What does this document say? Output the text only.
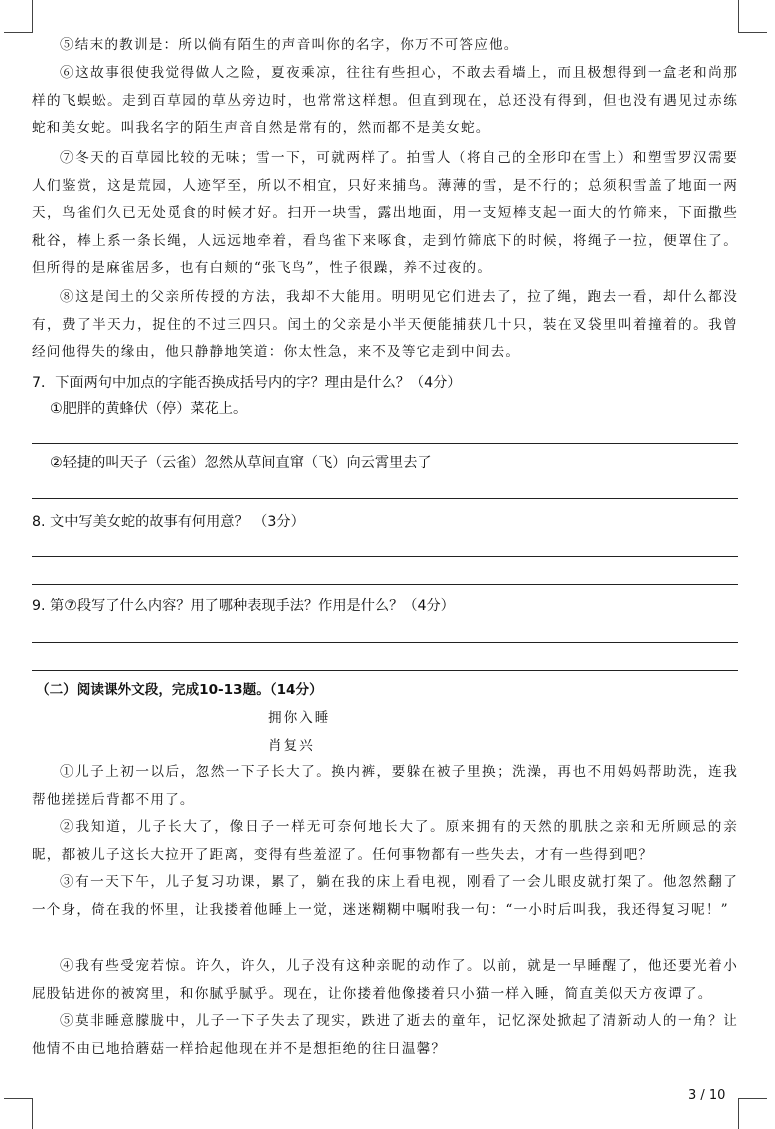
⑤结末的教训是：所以倘有陌生的声音叫你的名字，你万不可答应他。

⑥这故事很使我觉得做人之险，夏夜乘凉，往往有些担心，不敢去看墙上，而且极想得到一盒老和尚那样的飞蜈蚣。走到百草园的草丛旁边时，也常常这样想。但直到现在，总还没有得到，但也没有遇见过赤练蛇和美女蛇。叫我名字的陌生声音自然是常有的，然而都不是美女蛇。

⑦冬天的百草园比较的无味；雪一下，可就两样了。拍雪人（将自己的全形印在雪上）和塑雪罗汉需要人们鉴赏，这是荒园，人迹罕至，所以不相宜，只好来捕鸟。薄薄的雪，是不行的；总须积雪盖了地面一两天，鸟雀们久已无处觅食的时候才好。扫开一块雪，露出地面，用一支短棒支起一面大的竹筛来，下面撒些秕谷，棒上系一条长绳，人远远地牵着，看鸟雀下来啄食，走到竹筛底下的时候，将绳子一拉，便罩住了。但所得的是麻雀居多，也有白颊的“张飞鸟”，性子很躁，养不过夜的。

⑧这是闰土的父亲所传授的方法，我却不大能用。明明见它们进去了，拉了绳，跑去一看，却什么都没有，费了半天力，捉住的不过三四只。闰土的父亲是小半天便能捕获几十只，装在叉袋里叫着撞着的。我曾经问他得失的缘由，他只静静地笑道：你太性急，来不及等它走到中间去。

7．下面两句中加点的字能否换成括号内的字？理由是什么？（4分）

①肥胖的黄蜂伏（停）菜花上。

②轻捷的叫天子（云雀）忽然从草间直窜（飞）向云霄里去了

8. 文中写美女蛇的故事有何用意？ （3分）

9. 第⑦段写了什么内容？用了哪种表现手法？作用是什么？（4分）

（二）阅读课外文段，完成10-13题。（14分）

拥你入睡

肖复兴

①儿子上初一以后，忽然一下子长大了。换内裤，要躲在被子里换；洗澡，再也不用妈妈帮助洗，连我帮他搓搓后背都不用了。

②我知道，儿子长大了，像日子一样无可奈何地长大了。原来拥有的天然的肌肤之亲和无所顾忌的亲昵，都被儿子这长大拉开了距离，变得有些羞涩了。任何事物都有一些失去，才有一些得到吧？

③有一天下午，儿子复习功课，累了，躺在我的床上看电视，刚看了一会儿眼皮就打架了。他忽然翻了一个身，倚在我的怀里，让我搂着他睡上一觉，迷迷糊糊中嘱咐我一句：“一小时后叫我，我还得复习呢！”

④我有些受宠若惊。许久，许久，儿子没有这种亲昵的动作了。以前，就是一早睡醒了，他还要光着小屁股钻进你的被窝里，和你腻乎腻乎。现在，让你搂着他像搂着只小猫一样入睡，简直美似天方夜谭了。

⑤莫非睡意朦胧中，儿子一下子失去了现实，跌进了逝去的童年，记忆深处掀起了清新动人的一角？让他情不由已地拾蘑菇一样拾起他现在并不是想拒绝的往日温馨？

3 / 10
